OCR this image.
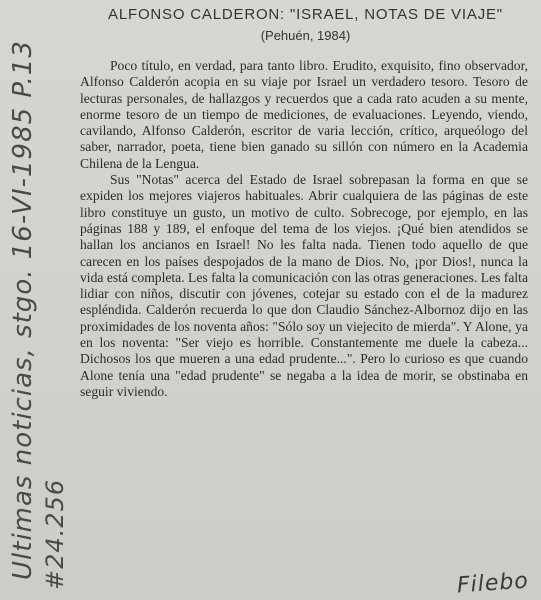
Ultimas noticias, stgo. 16-VI-1985 P.13 #24.256
ALFONSO CALDERON: "ISRAEL, NOTAS DE VIAJE"
(Pehuén, 1984)

Poco título, en verdad, para tanto libro. Erudito, exquisito, fino observador, Alfonso Calderón acopia en su viaje por Israel un verdadero tesoro. Tesoro de lecturas personales, de hallazgos y recuerdos que a cada rato acuden a su mente, enorme tesoro de un tiempo de mediciones, de evaluaciones. Leyendo, viendo, cavilando, Alfonso Calderón, escritor de varia lección, crítico, arqueólogo del saber, narrador, poeta, tiene bien ganado su sillón con número en la Academia Chilena de la Lengua.

Sus "Notas" acerca del Estado de Israel sobrepasan la forma en que se expiden los mejores viajeros habituales. Abrir cualquiera de las páginas de este libro constituye un gusto, un motivo de culto. Sobrecoge, por ejemplo, en las páginas 188 y 189, el enfoque del tema de los viejos. ¡Qué bien atendidos se hallan los ancianos en Israel! No les falta nada. Tienen todo aquello de que carecen en los países despojados de la mano de Dios. No, ¡por Dios!, nunca la vida está completa. Les falta la comunicación con las otras generaciones. Les falta lidiar con niños, discutir con jóvenes, cotejar su estado con el de la madurez espléndida. Calderón recuerda lo que don Claudio Sánchez-Albornoz dijo en las proximidades de los noventa años: "Sólo soy un viejecito de mierda". Y Alone, ya en los noventa: "Ser viejo es horrible. Constantemente me duele la cabeza... Dichosos los que mueren a una edad prudente...". Pero lo curioso es que cuando Alone tenía una "edad prudente" se negaba a la idea de morir, se obstinaba en seguir viviendo.

Filebo
